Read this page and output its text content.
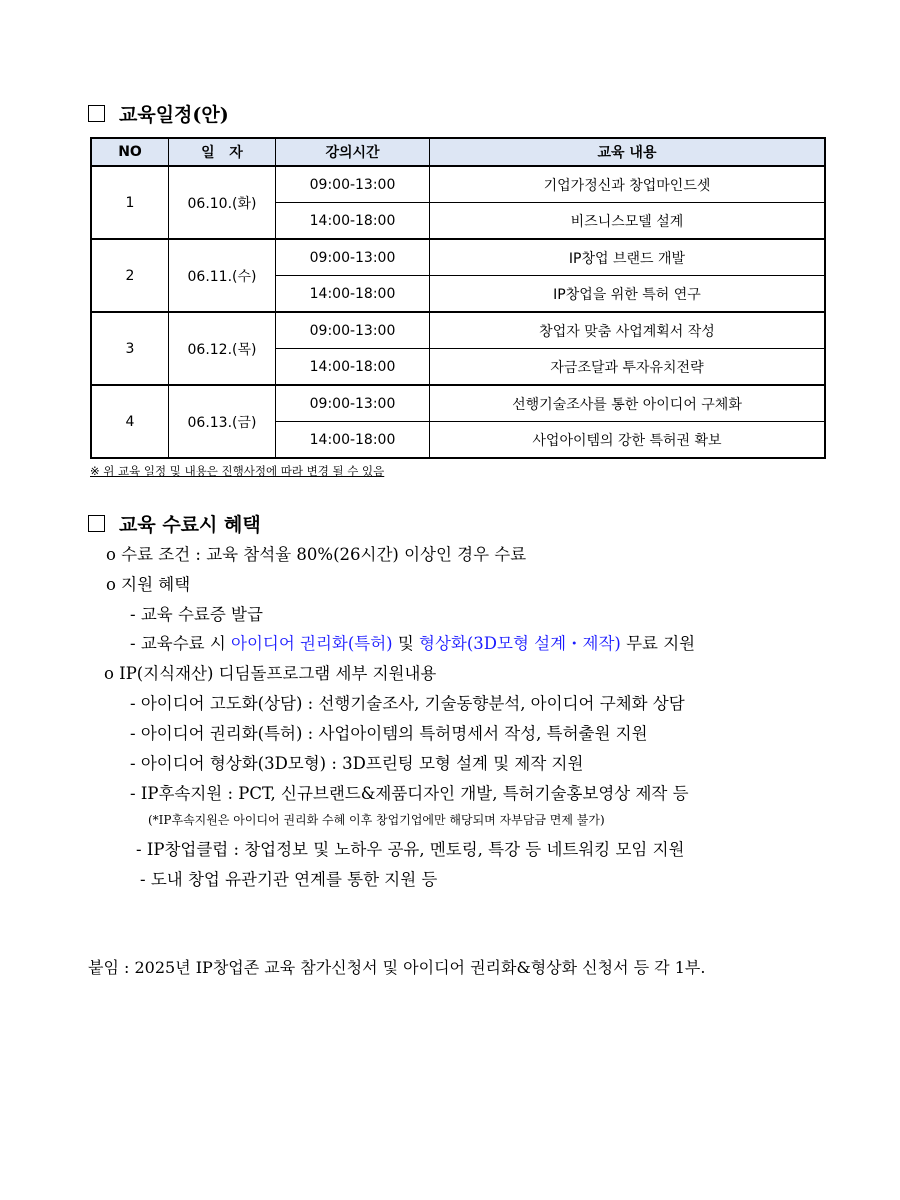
교육일정(안)
NO	일   자	강의시간	교육 내용
1	06.10.(화)	09:00-13:00	기업가정신과 창업마인드셋
		14:00-18:00	비즈니스모델 설계
2	06.11.(수)	09:00-13:00	IP창업 브랜드 개발
		14:00-18:00	IP창업을 위한 특허 연구
3	06.12.(목)	09:00-13:00	창업자 맞춤 사업계획서 작성
		14:00-18:00	자금조달과 투자유치전략
4	06.13.(금)	09:00-13:00	선행기술조사를 통한 아이디어 구체화
		14:00-18:00	사업아이템의 강한 특허권 확보
※ 위 교육 일정 및 내용은 진행사정에 따라 변경 될 수 있음
교육 수료시 혜택
o 수료 조건 : 교육 참석율 80%(26시간) 이상인 경우 수료
o 지원 혜택
- 교육 수료증 발급
- 교육수료 시 아이디어 권리화(특허) 및 형상화(3D모형 설계・제작) 무료 지원
o IP(지식재산) 디딤돌프로그램 세부 지원내용
- 아이디어 고도화(상담) : 선행기술조사, 기술동향분석, 아이디어 구체화 상담
- 아이디어 권리화(특허) : 사업아이템의 특허명세서 작성, 특허출원 지원
- 아이디어 형상화(3D모형) : 3D프린팅 모형 설계 및 제작 지원
- IP후속지원 : PCT, 신규브랜드&제품디자인 개발, 특허기술홍보영상 제작 등
(*IP후속지원은 아이디어 권리화 수혜 이후 창업기업에만 해당되며 자부담금 면제 불가)
- IP창업클럽 : 창업정보 및 노하우 공유, 멘토링, 특강 등 네트워킹 모임 지원
- 도내 창업 유관기관 연계를 통한 지원 등
붙임 : 2025년 IP창업존 교육 참가신청서 및 아이디어 권리화&형상화 신청서 등 각 1부.
